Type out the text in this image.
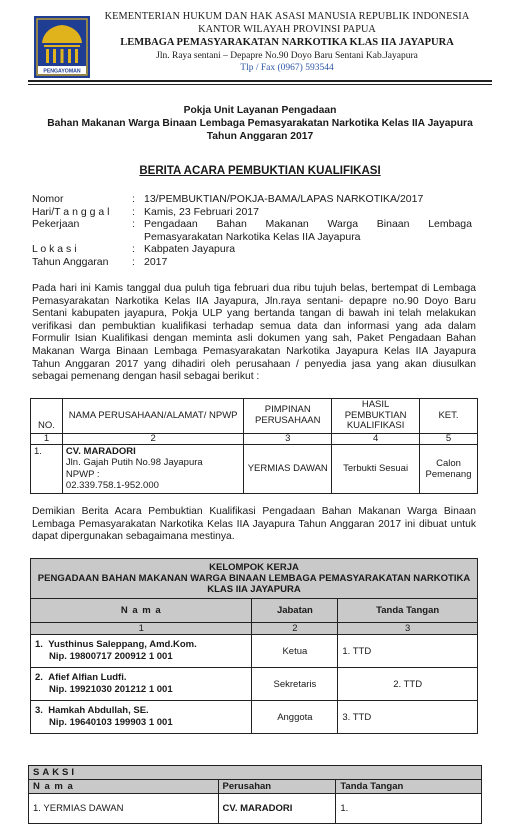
PENGAYOMAN
KEMENTERIAN HUKUM DAN HAK ASASI MANUSIA REPUBLIK INDONESIA
KANTOR WILAYAH PROVINSI PAPUA
LEMBAGA PEMASYARAKATAN NARKOTIKA KLAS IIA JAYAPURA
Jln. Raya sentani – Depapre No.90 Doyo Baru Sentani Kab.Jayapura
Tlp / Fax (0967) 593544
Pokja Unit Layanan Pengadaan
Bahan Makanan Warga Binaan Lembaga Pemasyarakatan Narkotika Kelas IIA Jayapura
Tahun Anggaran 2017
BERITA ACARA PEMBUKTIAN KUALIFIKASI
Nomor	: 13/PEMBUKTIAN/POKJA-BAMA/LAPAS NARKOTIKA/2017
Hari/T a n g g a l	: Kamis, 23 Februari 2017
Pekerjaan	: Pengadaan Bahan Makanan Warga Binaan Lembaga Pemasyarakatan Narkotika Kelas IIA Jayapura
L o k a s i	: Kabpaten Jayapura
Tahun Anggaran	: 2017
Pada hari ini Kamis tanggal dua puluh tiga februari dua ribu tujuh belas, bertempat di Lembaga Pemasyarakatan Narkotika Kelas IIA Jayapura, Jln.raya sentani- depapre no.90 Doyo Baru Sentani kabupaten jayapura, Pokja ULP yang bertanda tangan di bawah ini telah melakukan verifikasi dan pembuktian kualifikasi terhadap semua data dan informasi yang ada dalam Formulir Isian Kualifikasi dengan meminta asli dokumen yang sah, Paket Pengadaan Bahan Makanan Warga Binaan Lembaga Pemasyarakatan Narkotika Jayapura Kelas IIA Jayapura Tahun Anggaran 2017 yang dihadiri oleh perusahaan / penyedia jasa yang akan diusulkan sebagai pemenang dengan hasil sebagai berikut :
NO.	NAMA PERUSAHAAN/ALAMAT/ NPWP	PIMPINAN PERUSAHAAN	HASIL PEMBUKTIAN KUALIFIKASI	KET.
1	2	3	4	5
1.	CV. MARADORI
Jln. Gajah Putih No.98 Jayapura
NPWP :
02.339.758.1-952.000	YERMIAS DAWAN	Terbukti Sesuai	Calon Pemenang
Demikian Berita Acara Pembuktian Kualifikasi Pengadaan Bahan Makanan Warga Binaan Lembaga Pemasyarakatan Narkotika Kelas IIA Jayapura Tahun Anggaran 2017 ini dibuat untuk dapat dipergunakan sebagaimana mestinya.
KELOMPOK KERJA
PENGADAAN BAHAN MAKANAN WARGA BINAAN LEMBAGA PEMASYARAKATAN NARKOTIKA KLAS IIA JAYAPURA		

N a m a	Jabatan	Tanda Tangan
1	2	3

1. Yusthinus Saleppang, Amd.Kom.
Nip. 19800717 200912 1 001	Ketua	1. TTD

2. Afief Alfian Ludfi.
Nip. 19921030 201212 1 001	Sekretaris	2. TTD

3. Hamkah Abdullah, SE.
Nip. 19640103 199903 1 001	Anggota	3. TTD
SAKSI		
N a m a	Perusahan	Tanda Tangan
1. YERMIAS DAWAN	CV. MARADORI	1.
